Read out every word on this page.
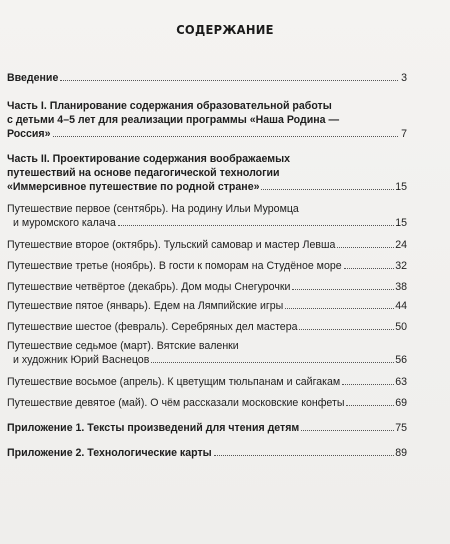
СОДЕРЖАНИЕ
Введение	3
Часть I. Планирование содержания образовательной работы
с детьми 4–5 лет для реализации программы «Наша Родина —
Россия»	7
Часть II. Проектирование содержания воображаемых
путешествий на основе педагогической технологии
«Иммерсивное путешествие по родной стране»	15
Путешествие первое (сентябрь). На родину Ильи Муромца
и муромского калача	15
Путешествие второе (октябрь). Тульский самовар и мастер Левша	24
Путешествие третье (ноябрь). В гости к поморам на Студёное море	32
Путешествие четвёртое (декабрь). Дом моды Снегурочки	38
Путешествие пятое (январь). Едем на Лямпийские игры	44
Путешествие шестое (февраль). Серебряных дел мастера	50
Путешествие седьмое (март). Вятские валенки
и художник Юрий Васнецов	56
Путешествие восьмое (апрель). К цветущим тюльпанам и сайгакам	63
Путешествие девятое (май). О чём рассказали московские конфеты	69
Приложение 1. Тексты произведений для чтения детям	75
Приложение 2. Технологические карты	89
